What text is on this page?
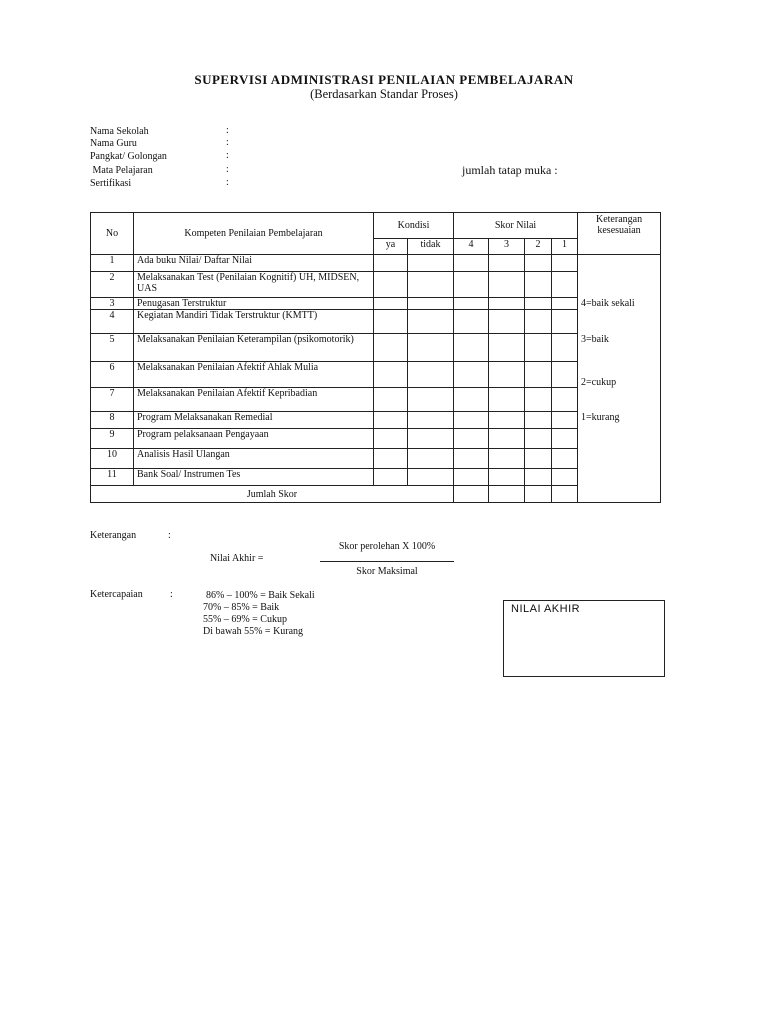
SUPERVISI ADMINISTRASI PENILAIAN PEMBELAJARAN
(Berdasarkan Standar Proses)
Nama Sekolah	:
Nama Guru	:
Pangkat/ Golongan	:
Mata Pelajaran	:
Sertifikasi	:
jumlah tatap muka :
No	Kompeten Penilaian Pembelajaran	Kondisi		Skor Nilai				Keterangan kesesuaian
		ya	tidak	4	3	2	1	
1	Ada buku Nilai/ Daftar Nilai							
2	Melaksanakan Test (Penilaian Kognitif) UH, MIDSEN, UAS							
3	Penugasan Terstruktur							4=baik sekali
4	Kegiatan Mandiri Tidak Terstruktur (KMTT)							
5	Melaksanakan Penilaian Keterampilan (psikomotorik)							3=baik
6	Melaksanakan Penilaian Afektif Ahlak Mulia							2=cukup
7	Melaksanakan Penilaian Afektif Kepribadian							
8	Program Melaksanakan Remedial							1=kurang
9	Program pelaksanaan Pengayaan							
10	Analisis Hasil Ulangan							
11	Bank Soal/ Instrumen Tes							
Jumlah Skor								
Keterangan	:
Nilai Akhir =
Skor perolehan X 100%
Skor Maksimal
Ketercapaian	:	86% – 100% = Baik Sekali
70% – 85% = Baik
55% – 69% = Cukup
Di bawah 55% = Kurang
NILAI AKHIR
